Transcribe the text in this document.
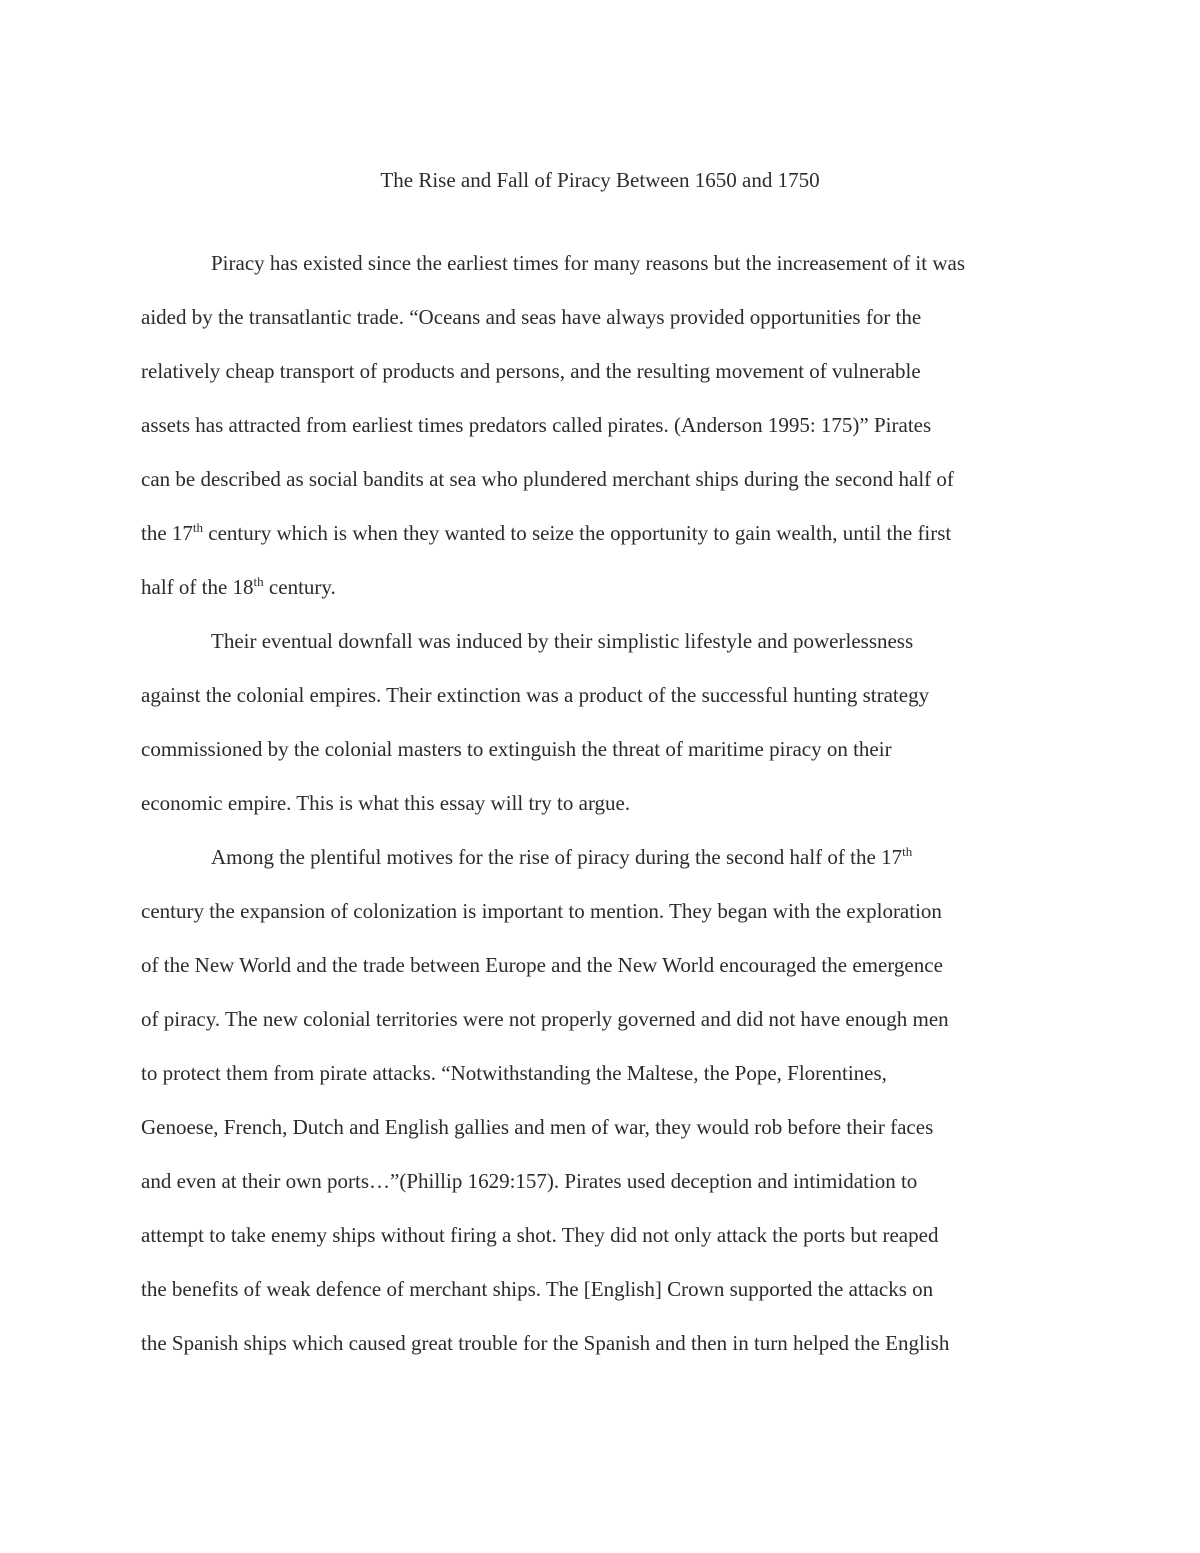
The Rise and Fall of Piracy Between 1650 and 1750
Piracy has existed since the earliest times for many reasons but the increasement of it was
aided by the transatlantic trade. “Oceans and seas have always provided opportunities for the
relatively cheap transport of products and persons, and the resulting movement of vulnerable
assets has attracted from earliest times predators called pirates. (Anderson 1995: 175)” Pirates
can be described as social bandits at sea who plundered merchant ships during the second half of
the 17th century which is when they wanted to seize the opportunity to gain wealth, until the first
half of the 18th century.
Their eventual downfall was induced by their simplistic lifestyle and powerlessness
against the colonial empires. Their extinction was a product of the successful hunting strategy
commissioned by the colonial masters to extinguish the threat of maritime piracy on their
economic empire. This is what this essay will try to argue.
Among the plentiful motives for the rise of piracy during the second half of the 17th
century the expansion of colonization is important to mention. They began with the exploration
of the New World and the trade between Europe and the New World encouraged the emergence
of piracy. The new colonial territories were not properly governed and did not have enough men
to protect them from pirate attacks. “Notwithstanding the Maltese, the Pope, Florentines,
Genoese, French, Dutch and English gallies and men of war, they would rob before their faces
and even at their own ports…”(Phillip 1629:157). Pirates used deception and intimidation to
attempt to take enemy ships without firing a shot. They did not only attack the ports but reaped
the benefits of weak defence of merchant ships. The [English] Crown supported the attacks on
the Spanish ships which caused great trouble for the Spanish and then in turn helped the English
